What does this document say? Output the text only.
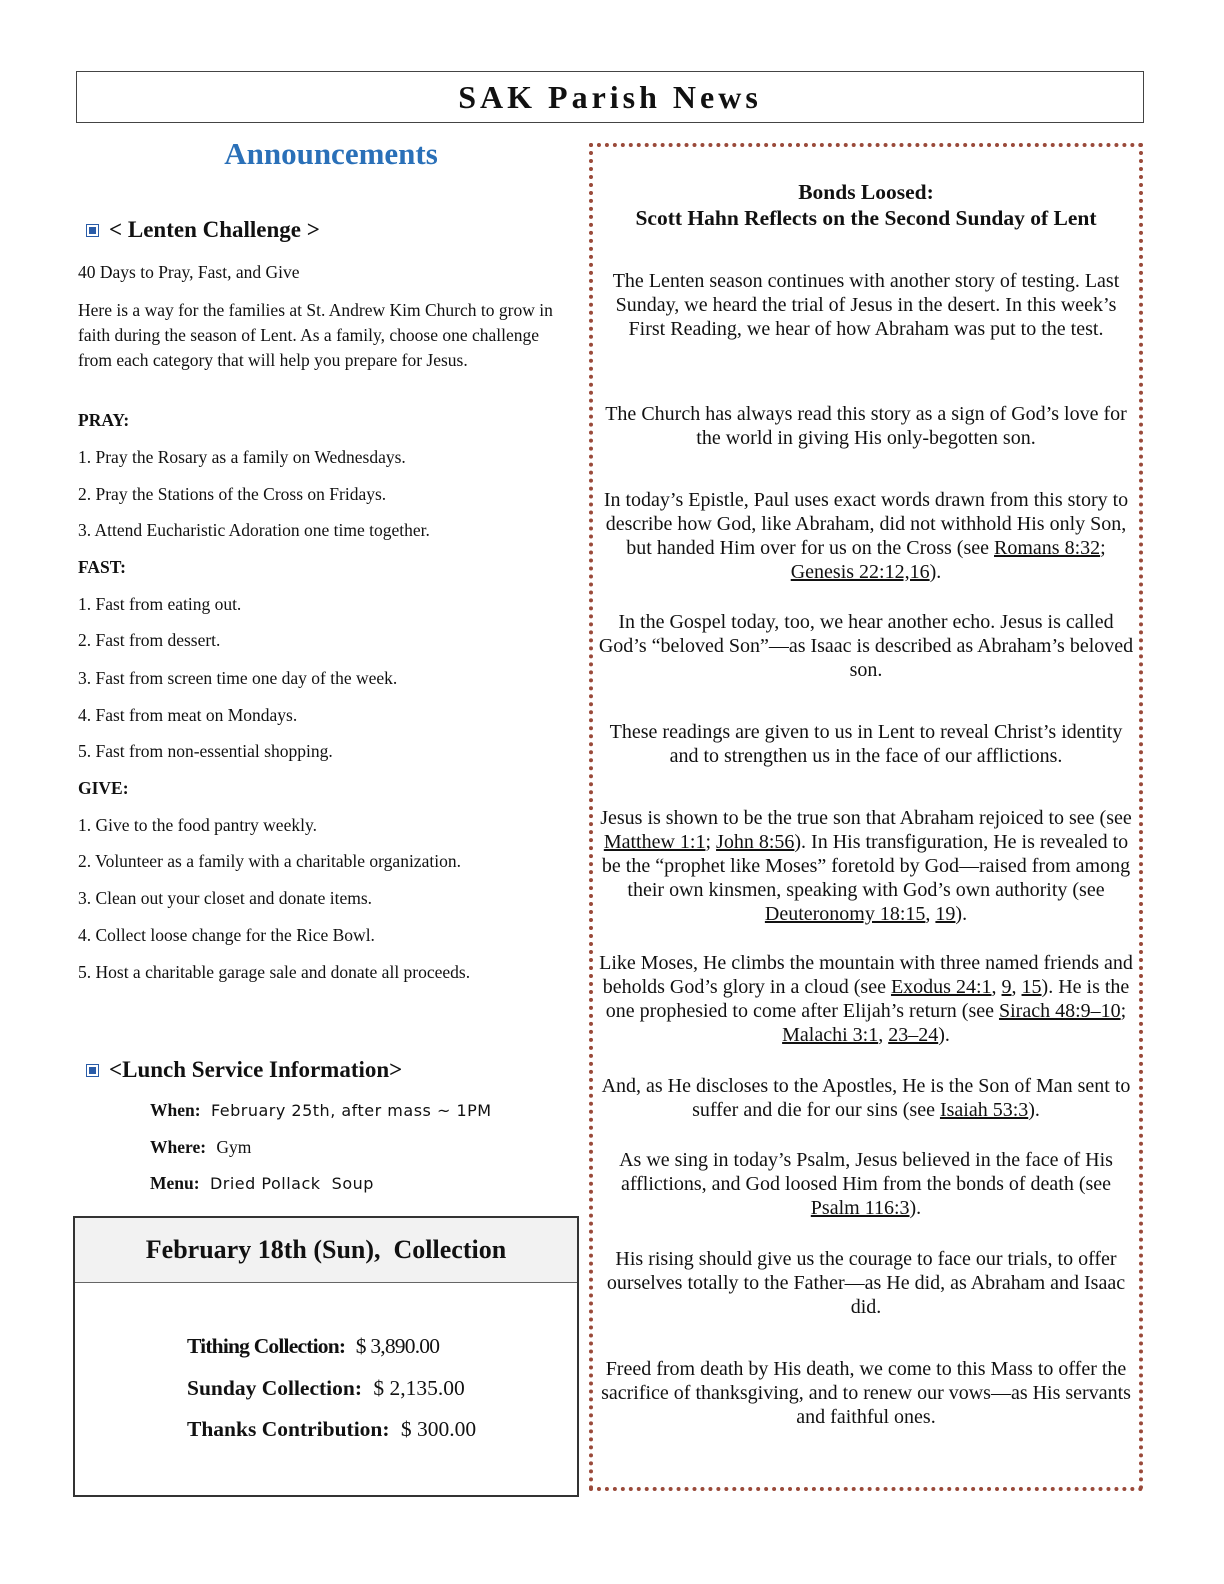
SAK Parish News
Announcements
< Lenten Challenge >
40 Days to Pray, Fast, and Give
Here is a way for the families at St. Andrew Kim Church to grow in faith during the season of Lent. As a family, choose one challenge from each category that will help you prepare for Jesus.
PRAY:
1. Pray the Rosary as a family on Wednesdays.
2. Pray the Stations of the Cross on Fridays.
3. Attend Eucharistic Adoration one time together.
FAST:
1. Fast from eating out.
2. Fast from dessert.
3. Fast from screen time one day of the week.
4. Fast from meat on Mondays.
5. Fast from non-essential shopping.
GIVE:
1. Give to the food pantry weekly.
2. Volunteer as a family with a charitable organization.
3. Clean out your closet and donate items.
4. Collect loose change for the Rice Bowl.
5. Host a charitable garage sale and donate all proceeds.
<Lunch Service Information>
When: February 25th, after mass ~ 1PM
Where: Gym
Menu: Dried Pollack  Soup
February 18th (Sun),  Collection
Tithing Collection: $ 3,890.00
Sunday Collection: $ 2,135.00
Thanks Contribution: $ 300.00
Bonds Loosed:
Scott Hahn Reflects on the Second Sunday of Lent
The Lenten season continues with another story of testing. Last Sunday, we heard the trial of Jesus in the desert. In this week’s First Reading, we hear of how Abraham was put to the test.
The Church has always read this story as a sign of God’s love for the world in giving His only-begotten son.
In today’s Epistle, Paul uses exact words drawn from this story to describe how God, like Abraham, did not withhold His only Son, but handed Him over for us on the Cross (see Romans 8:32; Genesis 22:12,16).
In the Gospel today, too, we hear another echo. Jesus is called God’s “beloved Son”—as Isaac is described as Abraham’s beloved son.
These readings are given to us in Lent to reveal Christ’s identity and to strengthen us in the face of our afflictions.
Jesus is shown to be the true son that Abraham rejoiced to see (see Matthew 1:1; John 8:56). In His transfiguration, He is revealed to be the “prophet like Moses” foretold by God—raised from among their own kinsmen, speaking with God’s own authority (see Deuteronomy 18:15, 19).
Like Moses, He climbs the mountain with three named friends and beholds God’s glory in a cloud (see Exodus 24:1, 9, 15). He is the one prophesied to come after Elijah’s return (see Sirach 48:9–10; Malachi 3:1, 23–24).
And, as He discloses to the Apostles, He is the Son of Man sent to suffer and die for our sins (see Isaiah 53:3).
As we sing in today’s Psalm, Jesus believed in the face of His afflictions, and God loosed Him from the bonds of death (see Psalm 116:3).
His rising should give us the courage to face our trials, to offer ourselves totally to the Father—as He did, as Abraham and Isaac did.
Freed from death by His death, we come to this Mass to offer the sacrifice of thanksgiving, and to renew our vows—as His servants and faithful ones.
